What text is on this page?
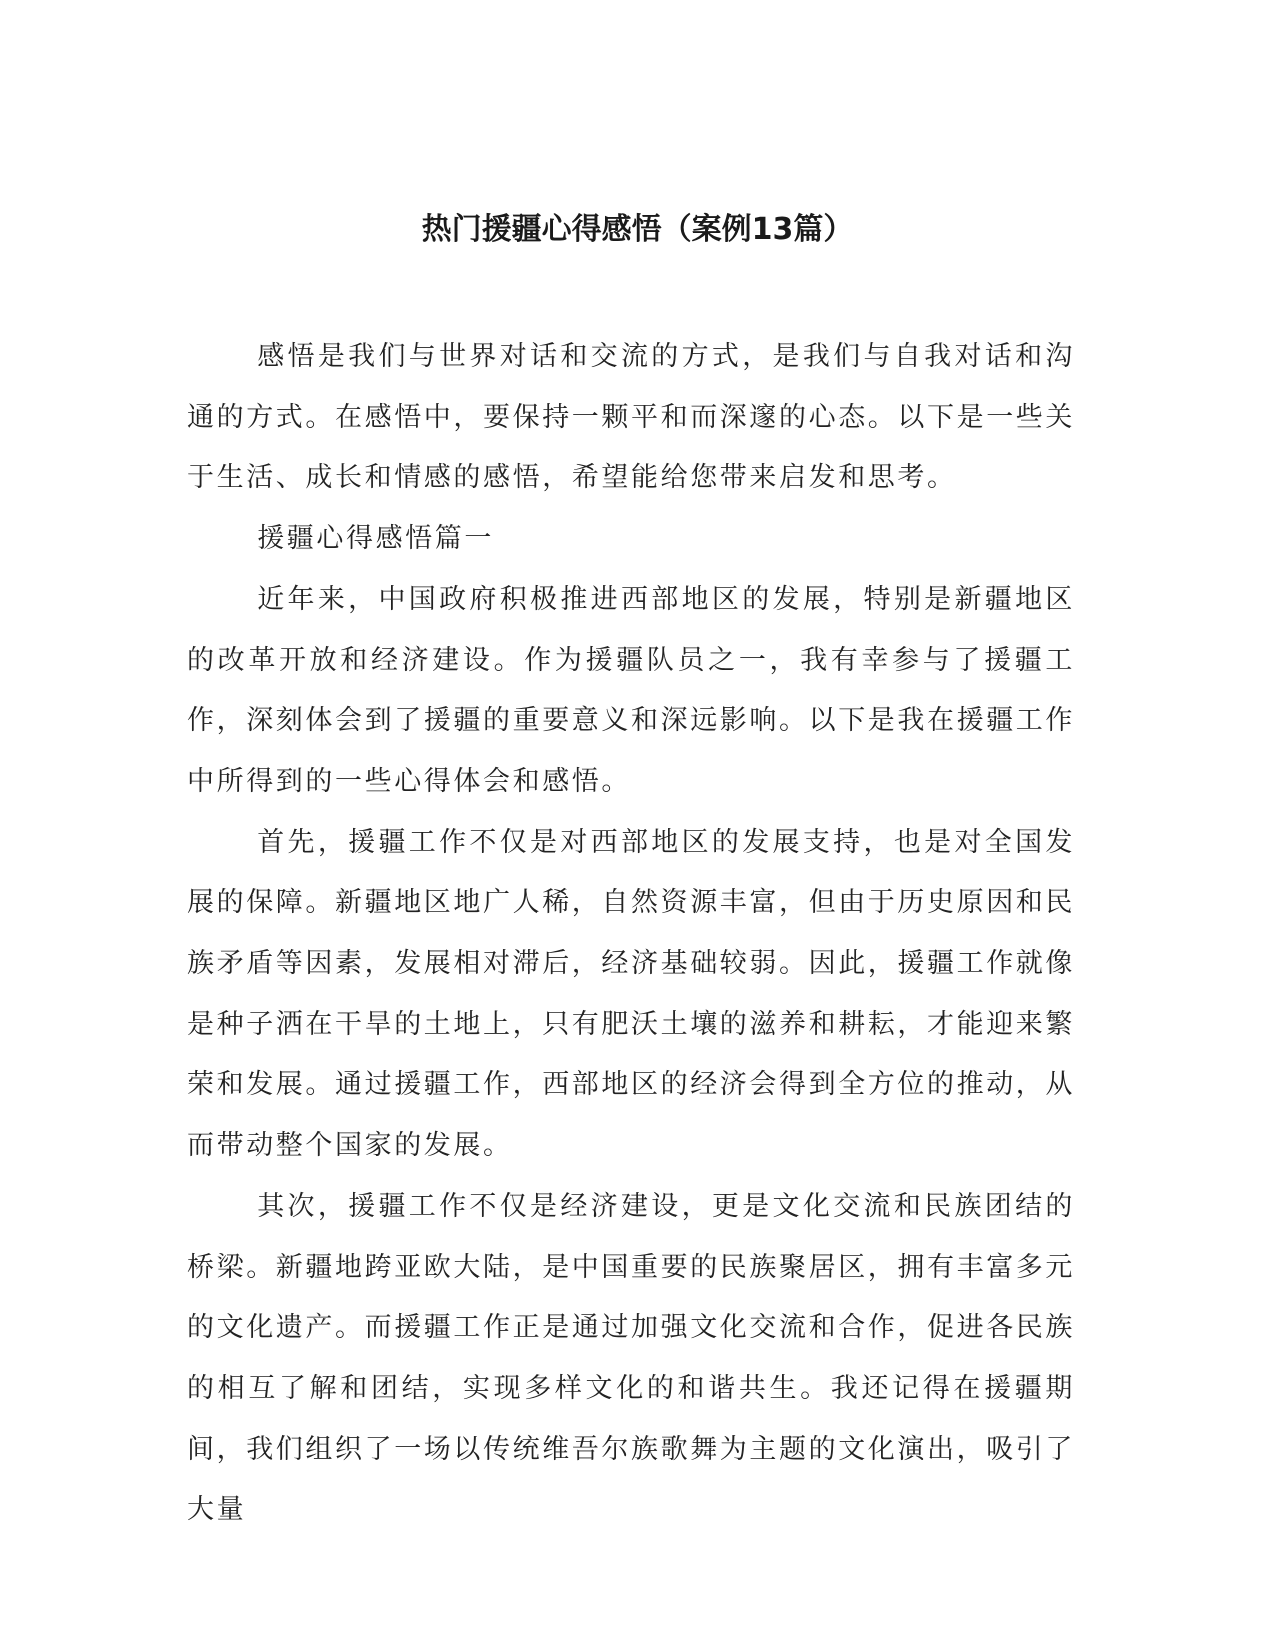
热门援疆心得感悟（案例13篇）

感悟是我们与世界对话和交流的方式，是我们与自我对话和沟通的方式。在感悟中，要保持一颗平和而深邃的心态。以下是一些关于生活、成长和情感的感悟，希望能给您带来启发和思考。

援疆心得感悟篇一

近年来，中国政府积极推进西部地区的发展，特别是新疆地区的改革开放和经济建设。作为援疆队员之一，我有幸参与了援疆工作，深刻体会到了援疆的重要意义和深远影响。以下是我在援疆工作中所得到的一些心得体会和感悟。

首先，援疆工作不仅是对西部地区的发展支持，也是对全国发展的保障。新疆地区地广人稀，自然资源丰富，但由于历史原因和民族矛盾等因素，发展相对滞后，经济基础较弱。因此，援疆工作就像是种子洒在干旱的土地上，只有肥沃土壤的滋养和耕耘，才能迎来繁荣和发展。通过援疆工作，西部地区的经济会得到全方位的推动，从而带动整个国家的发展。

其次，援疆工作不仅是经济建设，更是文化交流和民族团结的桥梁。新疆地跨亚欧大陆，是中国重要的民族聚居区，拥有丰富多元的文化遗产。而援疆工作正是通过加强文化交流和合作，促进各民族的相互了解和团结，实现多样文化的和谐共生。我还记得在援疆期间，我们组织了一场以传统维吾尔族歌舞为主题的文化演出，吸引了大量
